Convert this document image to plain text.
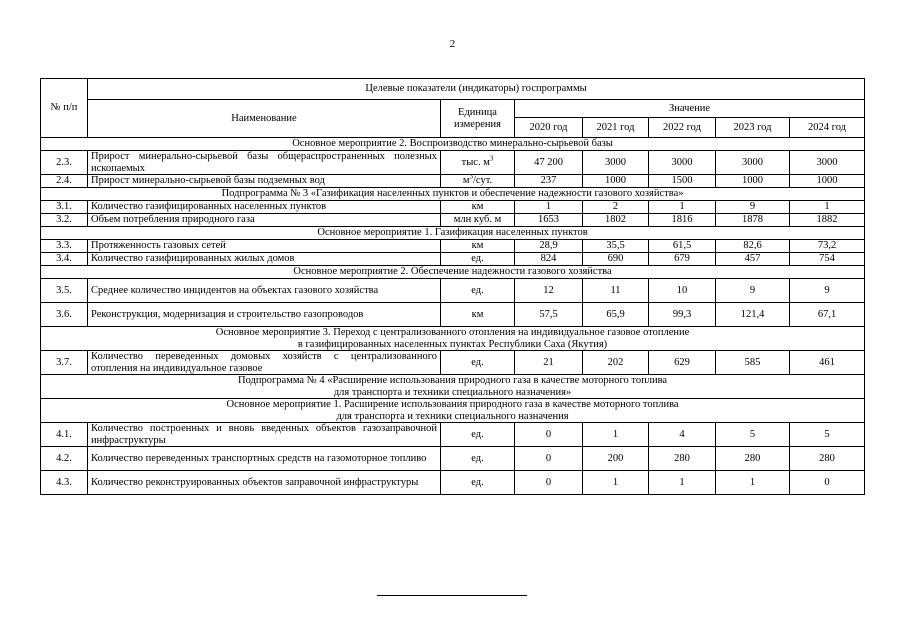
2
№ п/п	Целевые показатели (индикаторы) госпрограммы						
	Наименование	Единица измерения	Значение				
			2020 год	2021 год	2022 год	2023 год	2024 год

Основное мероприятие 2. Воспроизводство минерально-сырьевой базы							

2.3.	Прирост минерально-сырьевой базы общераспространенных полезных ископаемых	тыс. $м^3$	47 200	3000	3000	3000	3000
2.4.	Прирост минерально-сырьевой базы подземных вод	$м^3$/сут.	237	1000	1500	1000	1000

Подпрограмма № 3 «Газификация населенных пунктов и обеспечение надежности газового хозяйства»							

3.1.	Количество газифицированных населенных пунктов	км	1	2	1	9	1
3.2.	Объем потребления природного газа	млн куб. м	1653	1802	1816	1878	1882

Основное мероприятие 1. Газификация населенных пунктов							

3.3.	Протяженность газовых сетей	км	28,9	35,5	61,5	82,6	73,2
3.4.	Количество газифицированных жилых домов	ед.	824	690	679	457	754

Основное мероприятие 2. Обеспечение надежности газового хозяйства							

3.5.	Среднее количество инцидентов на объектах газового хозяйства	ед.	12	11	10	9	9
3.6.	Реконструкция, модернизация и строительство газопроводов	км	57,5	65,9	99,3	121,4	67,1

Основное мероприятие 3. Переход с централизованного отопления на индивидуальное газовое отопление
в газифицированных населенных пунктах Республики Саха (Якутия)							

3.7.	Количество переведенных домовых хозяйств с централизованного отопления на индивидуальное газовое	ед.	21	202	629	585	461

Подпрограмма № 4 «Расширение использования природного газа в качестве моторного топлива
для транспорта и техники специального назначения»							

Основное мероприятие 1. Расширение использования природного газа в качестве моторного топлива
для транспорта и техники специального назначения							

4.1.	Количество построенных и вновь введенных объектов газозаправочной инфраструктуры	ед.	0	1	4	5	5
4.2.	Количество переведенных транспортных средств на газомоторное топливо	ед.	0	200	280	280	280
4.3.	Количество реконструированных объектов заправочной инфраструктуры	ед.	0	1	1	1	0
